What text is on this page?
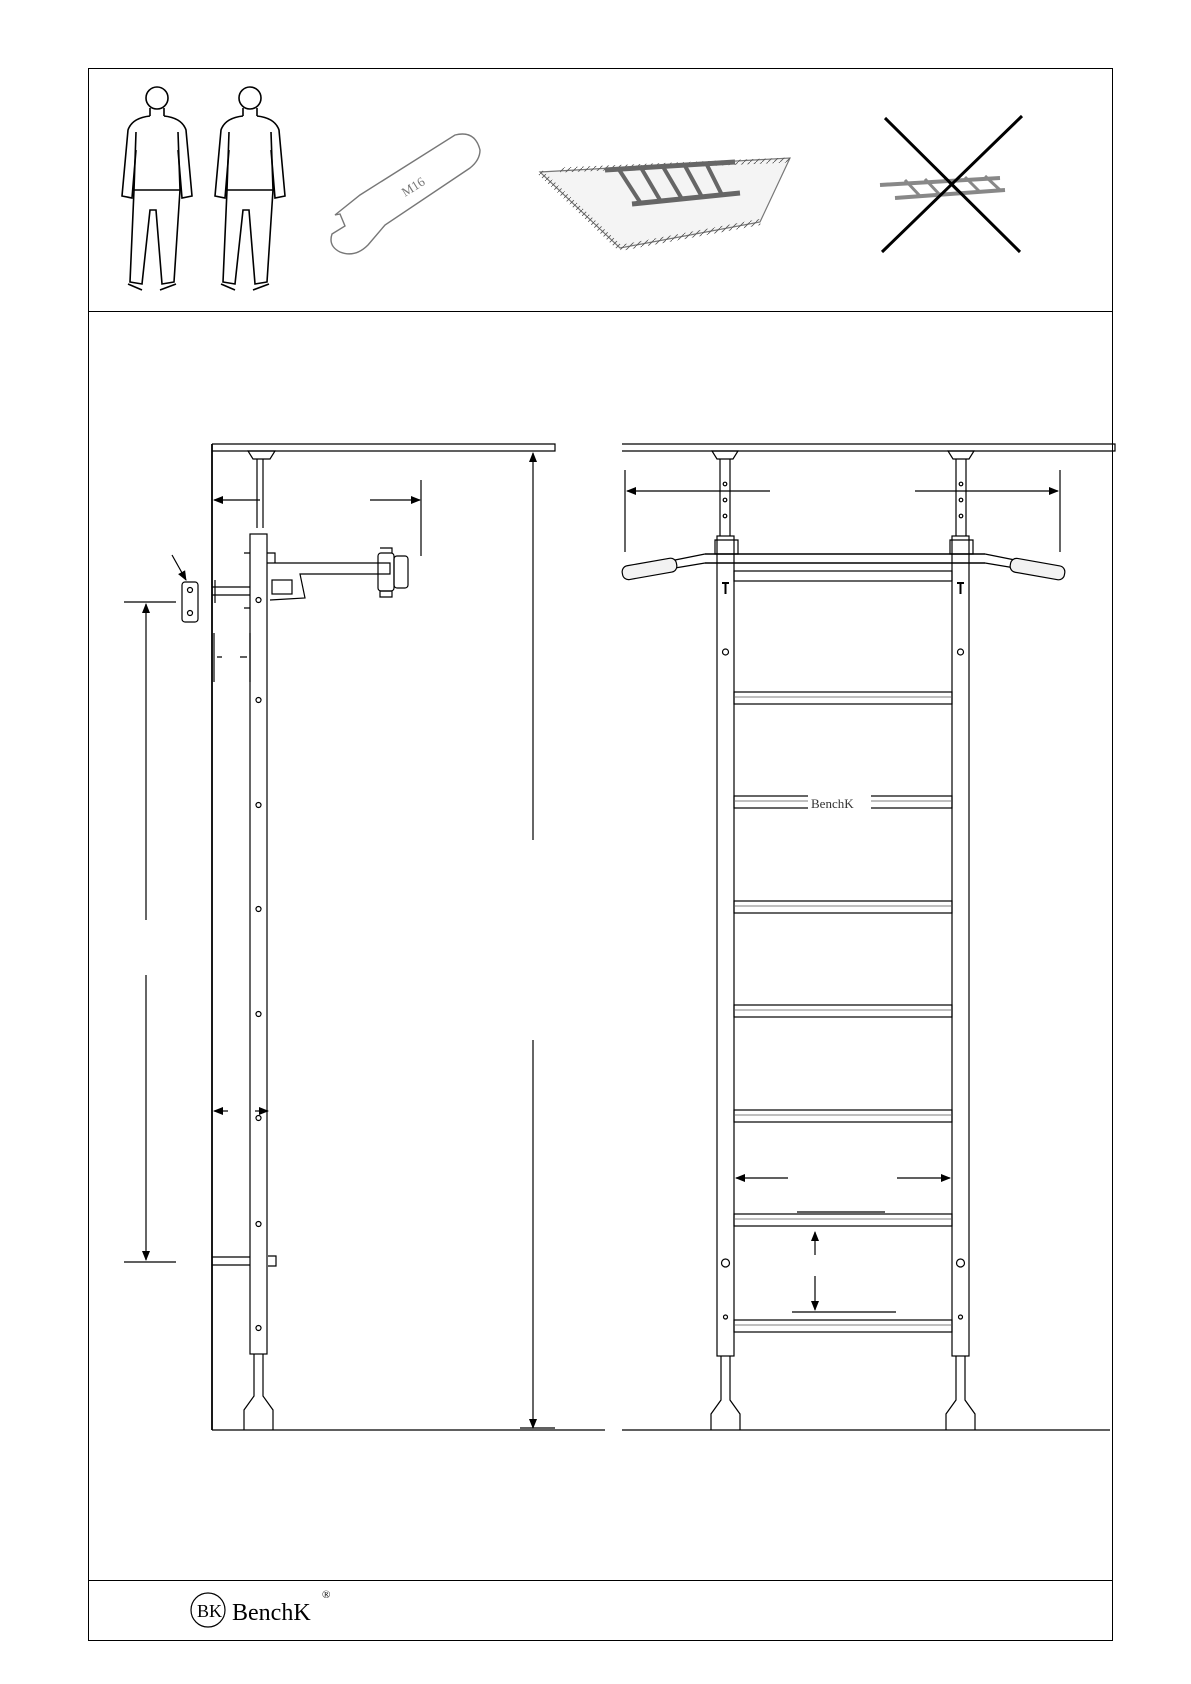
M16
BenchK
BK BenchK
®
